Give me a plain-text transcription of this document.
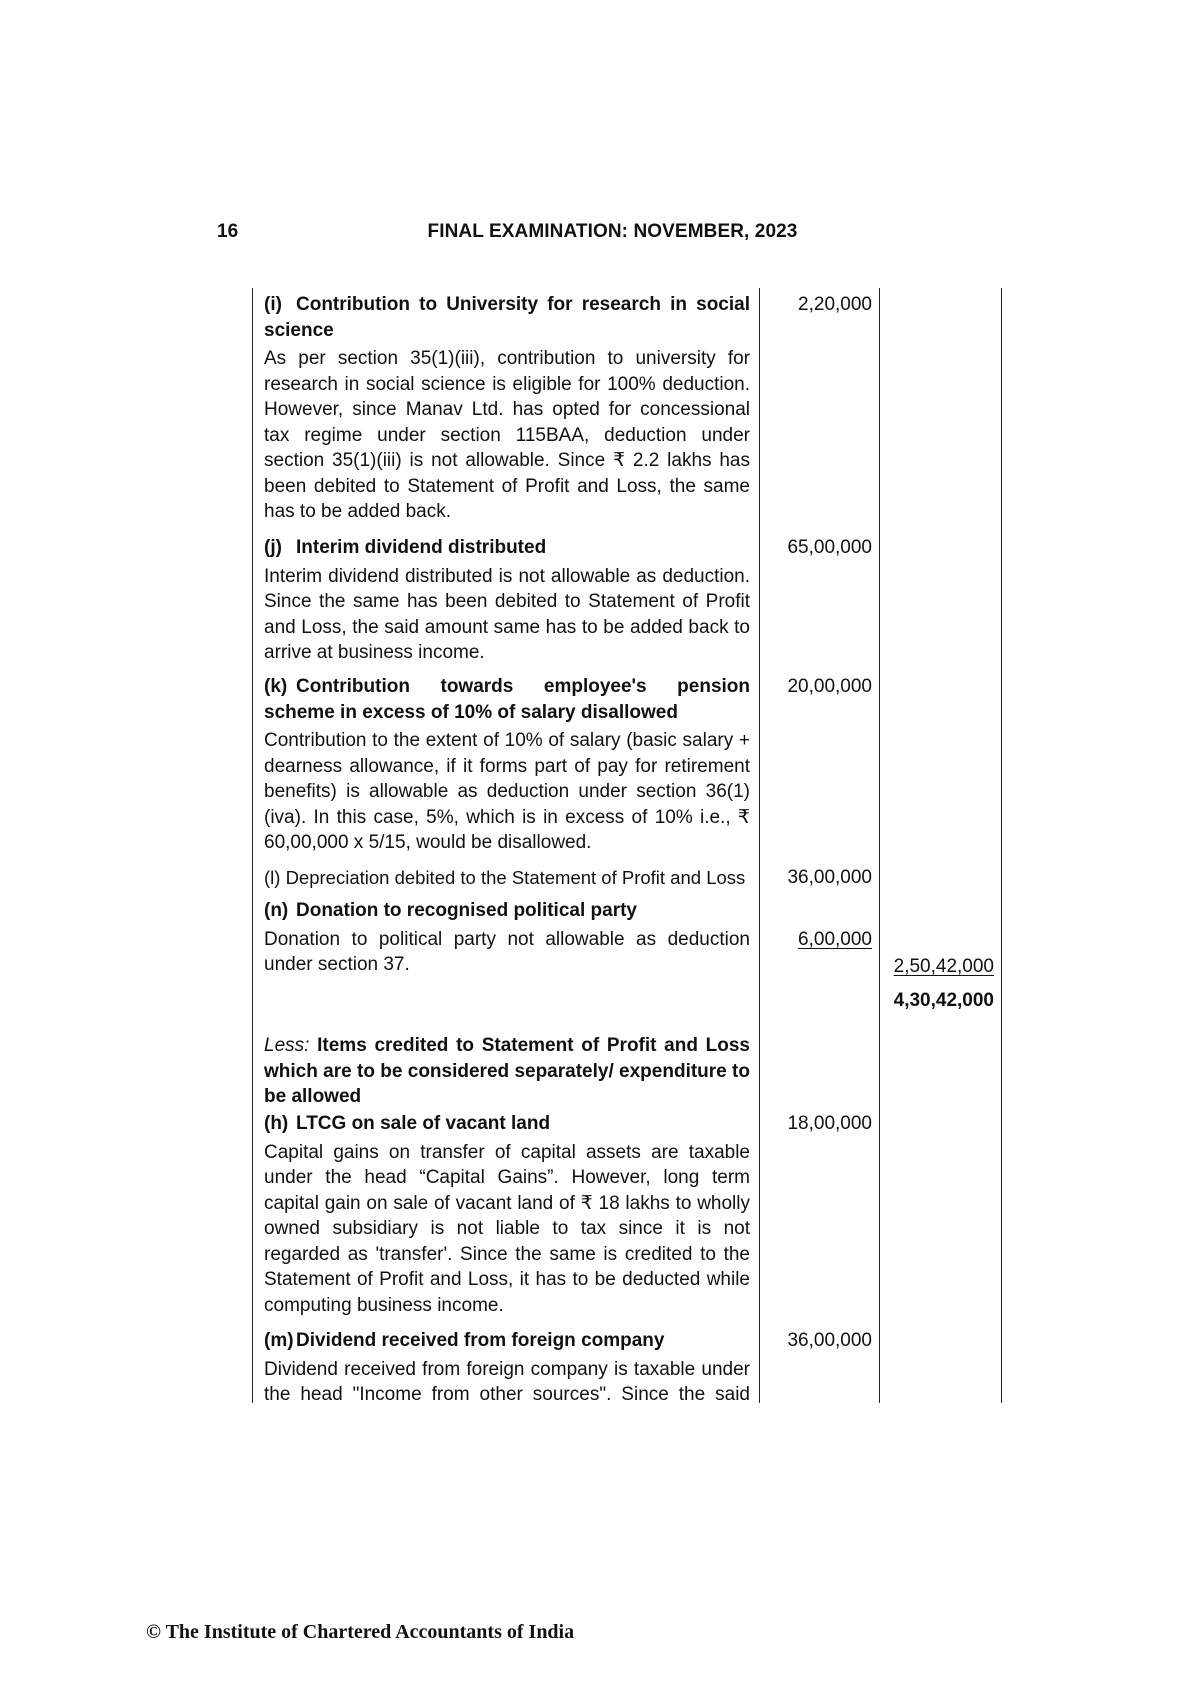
16	FINAL EXAMINATION: NOVEMBER, 2023
(i) Contribution to University for research in social science
As per section 35(1)(iii), contribution to university for research in social science is eligible for 100% deduction. However, since Manav Ltd. has opted for concessional tax regime under section 115BAA, deduction under section 35(1)(iii) is not allowable. Since ₹ 2.2 lakhs has been debited to Statement of Profit and Loss, the same has to be added back.
2,20,000
(j) Interim dividend distributed
Interim dividend distributed is not allowable as deduction. Since the same has been debited to Statement of Profit and Loss, the said amount same has to be added back to arrive at business income.
65,00,000
(k) Contribution towards employee's pension scheme in excess of 10% of salary disallowed
Contribution to the extent of 10% of salary (basic salary + dearness allowance, if it forms part of pay for retirement benefits) is allowable as deduction under section 36(1)(iva). In this case, 5%, which is in excess of 10% i.e., ₹ 60,00,000 x 5/15, would be disallowed.
20,00,000
(l) Depreciation debited to the Statement of Profit and Loss	36,00,000
(n) Donation to recognised political party
Donation to political party not allowable as deduction under section 37.
6,00,000
2,50,42,000
4,30,42,000
Less: Items credited to Statement of Profit and Loss which are to be considered separately/ expenditure to be allowed
(h) LTCG on sale of vacant land
Capital gains on transfer of capital assets are taxable under the head “Capital Gains”. However, long term capital gain on sale of vacant land of ₹ 18 lakhs to wholly owned subsidiary is not liable to tax since it is not regarded as 'transfer'. Since the same is credited to the Statement of Profit and Loss, it has to be deducted while computing business income.
18,00,000
(m) Dividend received from foreign company
Dividend received from foreign company is taxable under the head "Income from other sources". Since the said
36,00,000
© The Institute of Chartered Accountants of India
